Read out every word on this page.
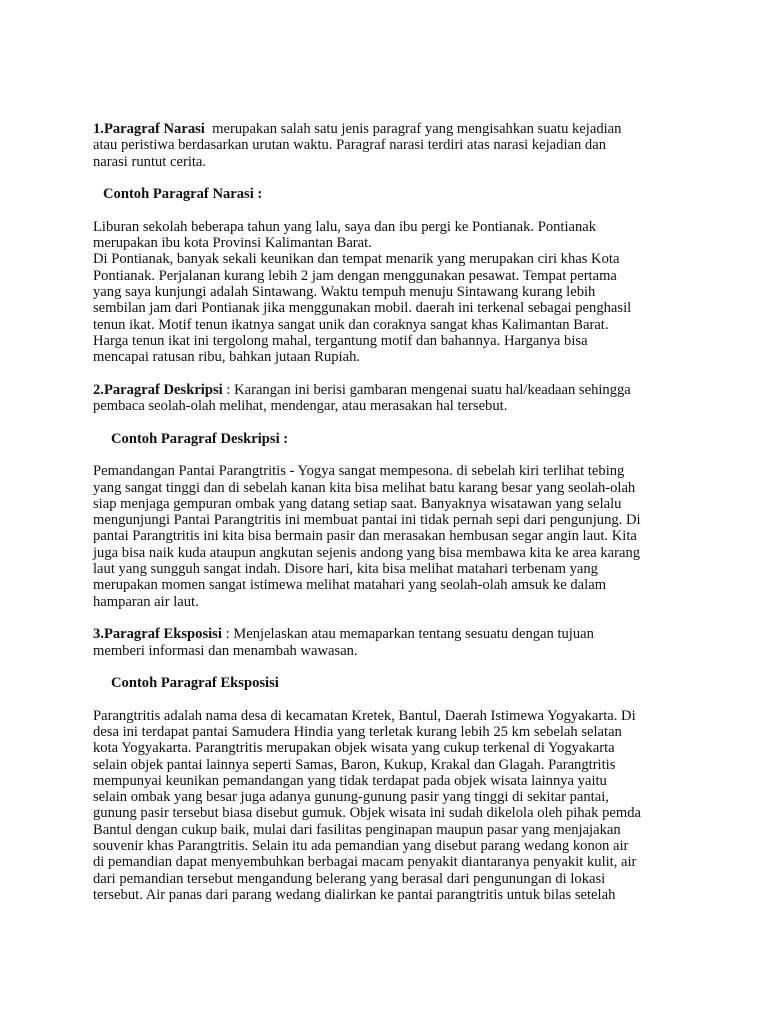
1.Paragraf Narasi  merupakan salah satu jenis paragraf yang mengisahkan suatu kejadian
atau peristiwa berdasarkan urutan waktu. Paragraf narasi terdiri atas narasi kejadian dan
narasi runtut cerita.
Contoh Paragraf Narasi :
Liburan sekolah beberapa tahun yang lalu, saya dan ibu pergi ke Pontianak. Pontianak
merupakan ibu kota Provinsi Kalimantan Barat.
Di Pontianak, banyak sekali keunikan dan tempat menarik yang merupakan ciri khas Kota
Pontianak. Perjalanan kurang lebih 2 jam dengan menggunakan pesawat. Tempat pertama
yang saya kunjungi adalah Sintawang. Waktu tempuh menuju Sintawang kurang lebih
sembilan jam dari Pontianak jika menggunakan mobil. daerah ini terkenal sebagai penghasil
tenun ikat. Motif tenun ikatnya sangat unik dan coraknya sangat khas Kalimantan Barat.
Harga tenun ikat ini tergolong mahal, tergantung motif dan bahannya. Harganya bisa
mencapai ratusan ribu, bahkan jutaan Rupiah.
2.Paragraf Deskripsi : Karangan ini berisi gambaran mengenai suatu hal/keadaan sehingga
pembaca seolah-olah melihat, mendengar, atau merasakan hal tersebut.
Contoh Paragraf Deskripsi :
Pemandangan Pantai Parangtritis - Yogya sangat mempesona. di sebelah kiri terlihat tebing
yang sangat tinggi dan di sebelah kanan kita bisa melihat batu karang besar yang seolah-olah
siap menjaga gempuran ombak yang datang setiap saat. Banyaknya wisatawan yang selalu
mengunjungi Pantai Parangtritis ini membuat pantai ini tidak pernah sepi dari pengunjung. Di
pantai Parangtritis ini kita bisa bermain pasir dan merasakan hembusan segar angin laut. Kita
juga bisa naik kuda ataupun angkutan sejenis andong yang bisa membawa kita ke area karang
laut yang sungguh sangat indah. Disore hari, kita bisa melihat matahari terbenam yang
merupakan momen sangat istimewa melihat matahari yang seolah-olah amsuk ke dalam
hamparan air laut.
3.Paragraf Eksposisi : Menjelaskan atau memaparkan tentang sesuatu dengan tujuan
memberi informasi dan menambah wawasan.
Contoh Paragraf Eksposisi
Parangtritis adalah nama desa di kecamatan Kretek, Bantul, Daerah Istimewa Yogyakarta. Di
desa ini terdapat pantai Samudera Hindia yang terletak kurang lebih 25 km sebelah selatan
kota Yogyakarta. Parangtritis merupakan objek wisata yang cukup terkenal di Yogyakarta
selain objek pantai lainnya seperti Samas, Baron, Kukup, Krakal dan Glagah. Parangtritis
mempunyai keunikan pemandangan yang tidak terdapat pada objek wisata lainnya yaitu
selain ombak yang besar juga adanya gunung-gunung pasir yang tinggi di sekitar pantai,
gunung pasir tersebut biasa disebut gumuk. Objek wisata ini sudah dikelola oleh pihak pemda
Bantul dengan cukup baik, mulai dari fasilitas penginapan maupun pasar yang menjajakan
souvenir khas Parangtritis. Selain itu ada pemandian yang disebut parang wedang konon air
di pemandian dapat menyembuhkan berbagai macam penyakit diantaranya penyakit kulit, air
dari pemandian tersebut mengandung belerang yang berasal dari pengunungan di lokasi
tersebut. Air panas dari parang wedang dialirkan ke pantai parangtritis untuk bilas setelah
